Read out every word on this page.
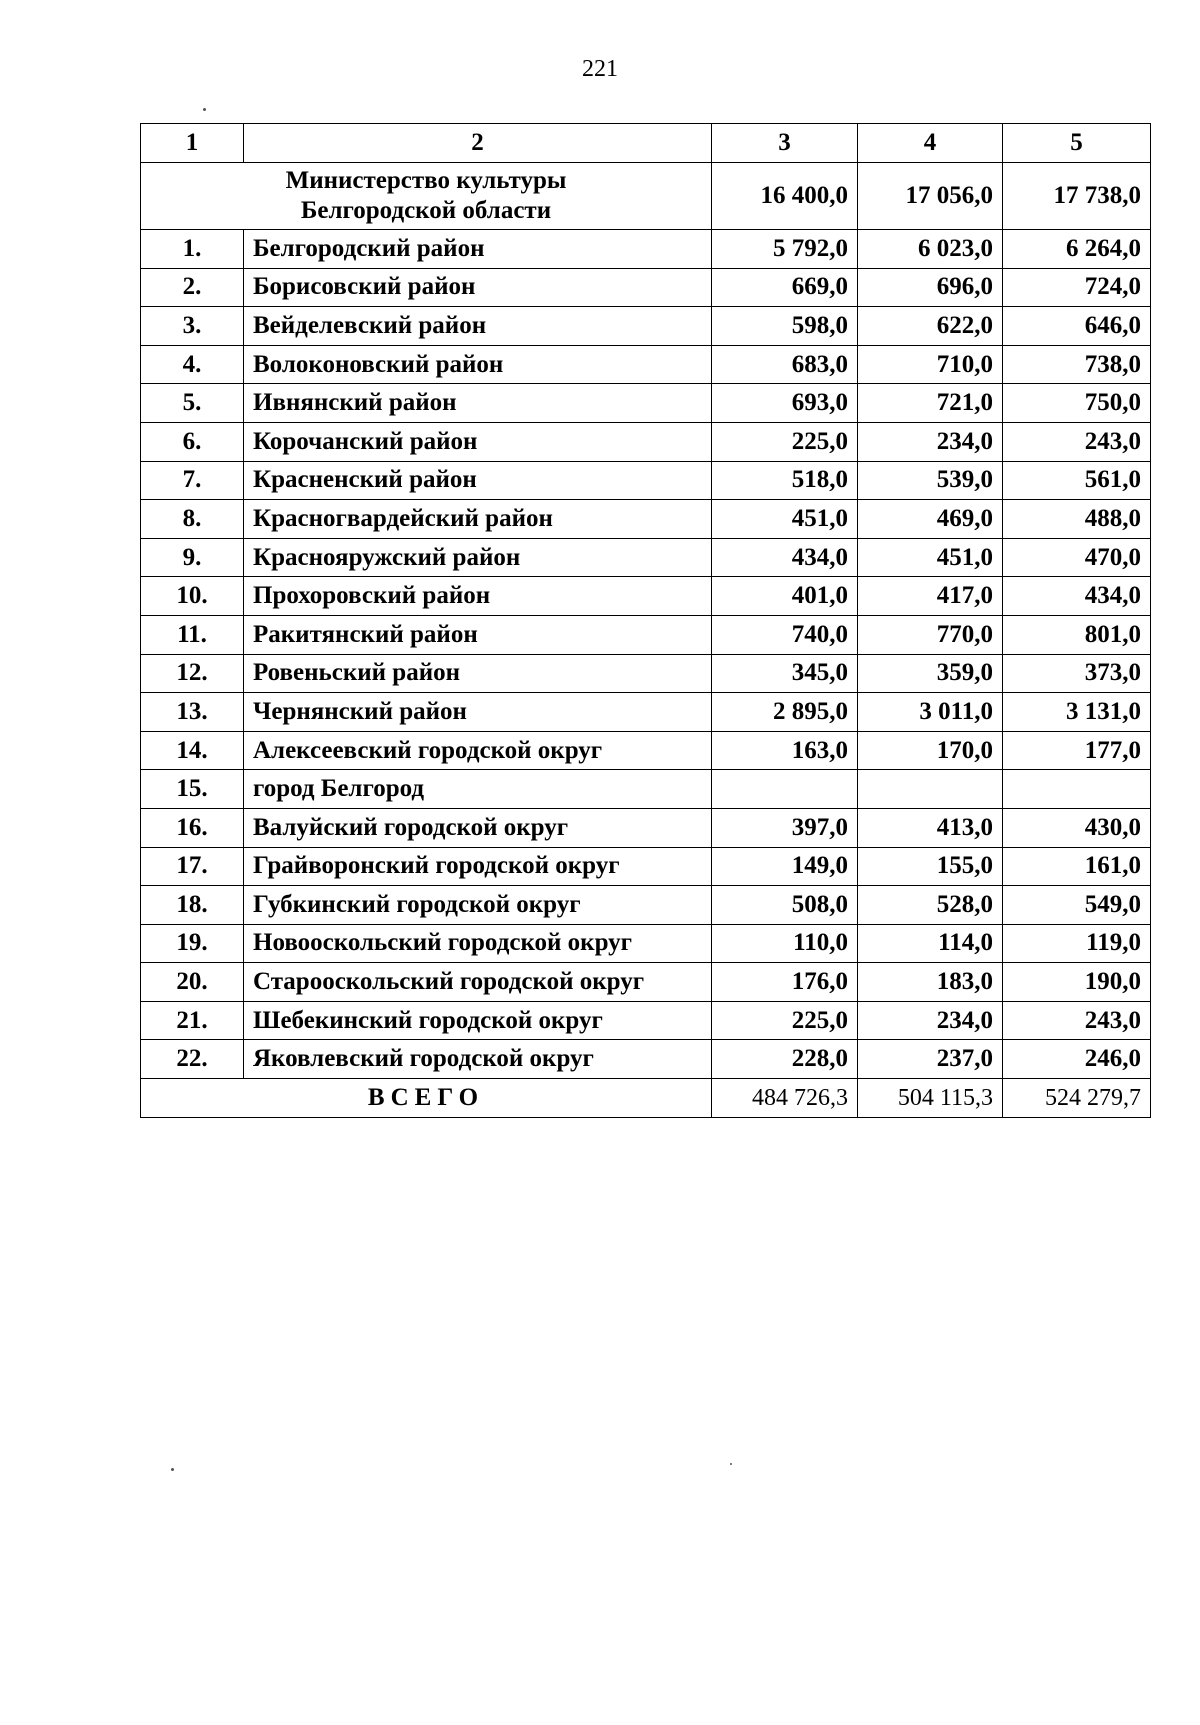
221
1	2	3	4	5

Министерство культуры
Белгородской области		16 400,0	17 056,0	17 738,0
1.	Белгородский район	5 792,0	6 023,0	6 264,0
2.	Борисовский район	669,0	696,0	724,0
3.	Вейделевский район	598,0	622,0	646,0
4.	Волоконовский район	683,0	710,0	738,0
5.	Ивнянский район	693,0	721,0	750,0
6.	Корочанский район	225,0	234,0	243,0
7.	Красненский район	518,0	539,0	561,0
8.	Красногвардейский район	451,0	469,0	488,0
9.	Краснояружский район	434,0	451,0	470,0
10.	Прохоровский район	401,0	417,0	434,0
11.	Ракитянский район	740,0	770,0	801,0
12.	Ровеньский район	345,0	359,0	373,0
13.	Чернянский район	2 895,0	3 011,0	3 131,0
14.	Алексеевский городской округ	163,0	170,0	177,0
15.	город Белгород			
16.	Валуйский городской округ	397,0	413,0	430,0
17.	Грайворонский городской округ	149,0	155,0	161,0
18.	Губкинский городской округ	508,0	528,0	549,0
19.	Новооскольский городской округ	110,0	114,0	119,0
20.	Старооскольский городской округ	176,0	183,0	190,0
21.	Шебекинский городской округ	225,0	234,0	243,0
22.	Яковлевский городской округ	228,0	237,0	246,0
ВСЕГО		484 726,3	504 115,3	524 279,7
